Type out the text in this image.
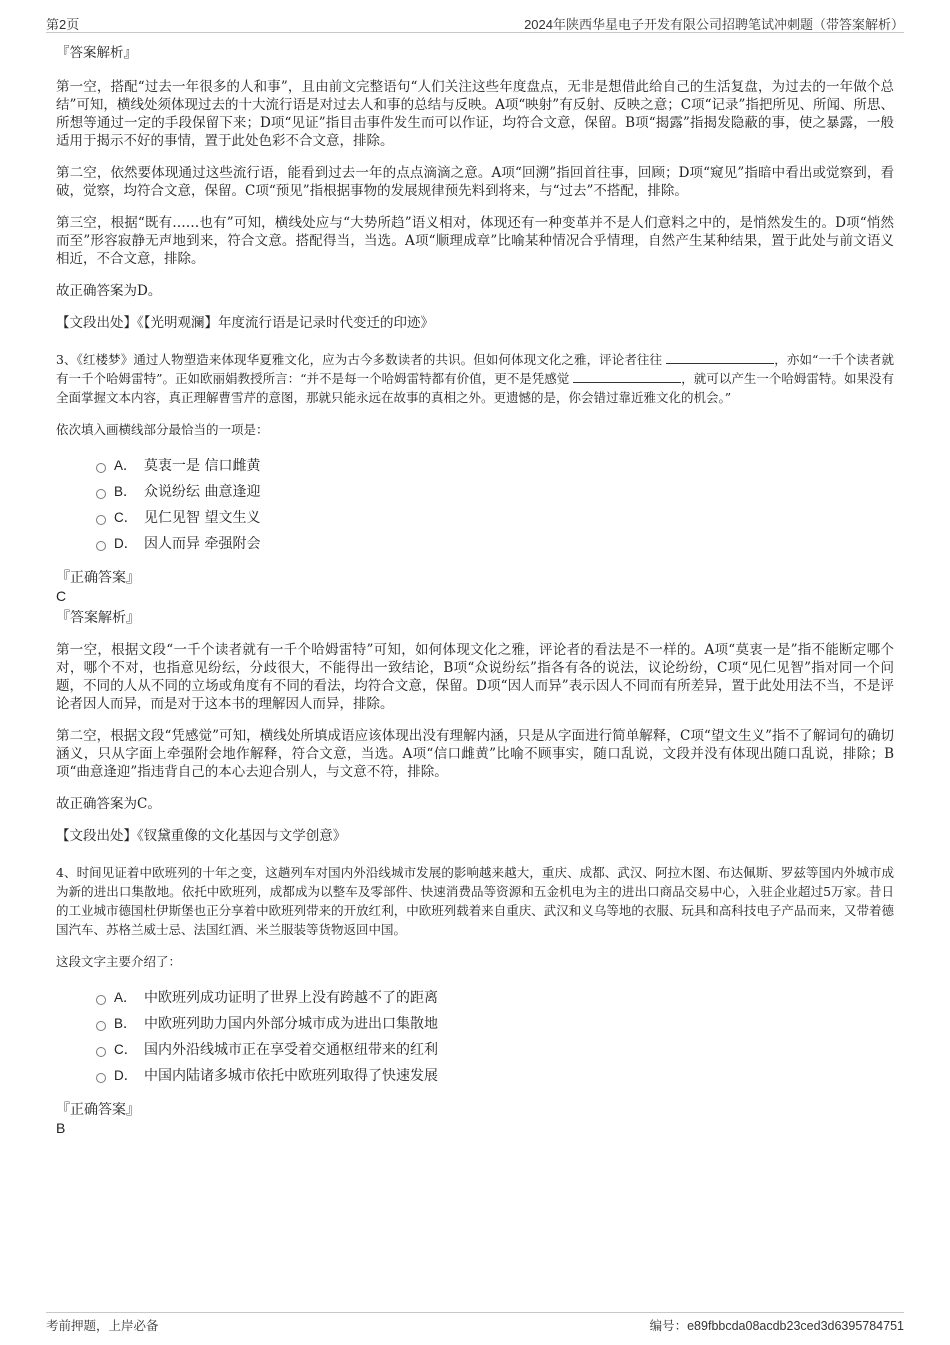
第2页	2024年陕西华星电子开发有限公司招聘笔试冲刺题（带答案解析）
『答案解析』

第一空，搭配“过去一年很多的人和事”，且由前文完整语句“人们关注这些年度盘点，无非是想借此给自己的生活复盘，为过去的一年做个总结”可知，横线处须体现过去的十大流行语是对过去人和事的总结与反映。A项“映射”有反射、反映之意；C项“记录”指把所见、所闻、所思、所想等通过一定的手段保留下来；D项“见证”指目击事件发生而可以作证，均符合文意，保留。B项“揭露”指揭发隐蔽的事，使之暴露，一般适用于揭示不好的事情，置于此处色彩不合文意，排除。

第二空，依然要体现通过这些流行语，能看到过去一年的点点滴滴之意。A项“回溯”指回首往事，回顾；D项“窥见”指暗中看出或觉察到，看破，觉察，均符合文意，保留。C项“预见”指根据事物的发展规律预先料到将来，与“过去”不搭配，排除。

第三空，根据“既有……也有”可知，横线处应与“大势所趋”语义相对，体现还有一种变革并不是人们意料之中的，是悄然发生的。D项“悄然而至”形容寂静无声地到来，符合文意。搭配得当，当选。A项“顺理成章”比喻某种情况合乎情理，自然产生某种结果，置于此处与前文语义相近，不合文意，排除。

故正确答案为D。

【文段出处】《【光明观澜】年度流行语是记录时代变迁的印迹》

3、《红楼梦》通过人物塑造来体现华夏雅文化，应为古今多数读者的共识。但如何体现文化之雅，评论者往往	，亦如“一千个读者就有一千个哈姆雷特”。正如欧丽娟教授所言：“并不是每一个哈姆雷特都有价值，更不是凭感觉	，就可以产生一个哈姆雷特。如果没有全面掌握文本内容，真正理解曹雪芹的意图，那就只能永远在故事的真相之外。更遗憾的是，你会错过靠近雅文化的机会。”

依次填入画横线部分最恰当的一项是：

A． 莫衷一是 信口雌黄
B． 众说纷纭 曲意逢迎
C． 见仁见智 望文生义
D． 因人而异 牵强附会

『正确答案』

C

『答案解析』

第一空，根据文段“一千个读者就有一千个哈姆雷特”可知，如何体现文化之雅，评论者的看法是不一样的。A项“莫衷一是”指不能断定哪个对，哪个不对，也指意见纷纭，分歧很大，不能得出一致结论，B项“众说纷纭”指各有各的说法，议论纷纷，C项“见仁见智”指对同一个问题，不同的人从不同的立场或角度有不同的看法，均符合文意，保留。D项“因人而异”表示因人不同而有所差异，置于此处用法不当，不是评论者因人而异，而是对于这本书的理解因人而异，排除。

第二空，根据文段“凭感觉”可知，横线处所填成语应该体现出没有理解内涵，只是从字面进行简单解释，C项“望文生义”指不了解词句的确切涵义，只从字面上牵强附会地作解释，符合文意，当选。A项“信口雌黄”比喻不顾事实，随口乱说，文段并没有体现出随口乱说，排除；B项“曲意逢迎”指违背自己的本心去迎合别人，与文意不符，排除。

故正确答案为C。

【文段出处】《钗黛重像的文化基因与文学创意》

4、时间见证着中欧班列的十年之变，这趟列车对国内外沿线城市发展的影响越来越大，重庆、成都、武汉、阿拉木图、布达佩斯、罗兹等国内外城市成为新的进出口集散地。依托中欧班列，成都成为以整车及零部件、快速消费品等资源和五金机电为主的进出口商品交易中心，入驻企业超过5万家。昔日的工业城市德国杜伊斯堡也正分享着中欧班列带来的开放红利，中欧班列载着来自重庆、武汉和义乌等地的衣服、玩具和高科技电子产品而来，又带着德国汽车、苏格兰威士忌、法国红酒、米兰服装等货物返回中国。

这段文字主要介绍了：

A． 中欧班列成功证明了世界上没有跨越不了的距离
B． 中欧班列助力国内外部分城市成为进出口集散地
C． 国内外沿线城市正在享受着交通枢纽带来的红利
D． 中国内陆诸多城市依托中欧班列取得了快速发展

『正确答案』

B

考前押题，上岸必备	编号：e89fbbcda08acdb23ced3d6395784751
